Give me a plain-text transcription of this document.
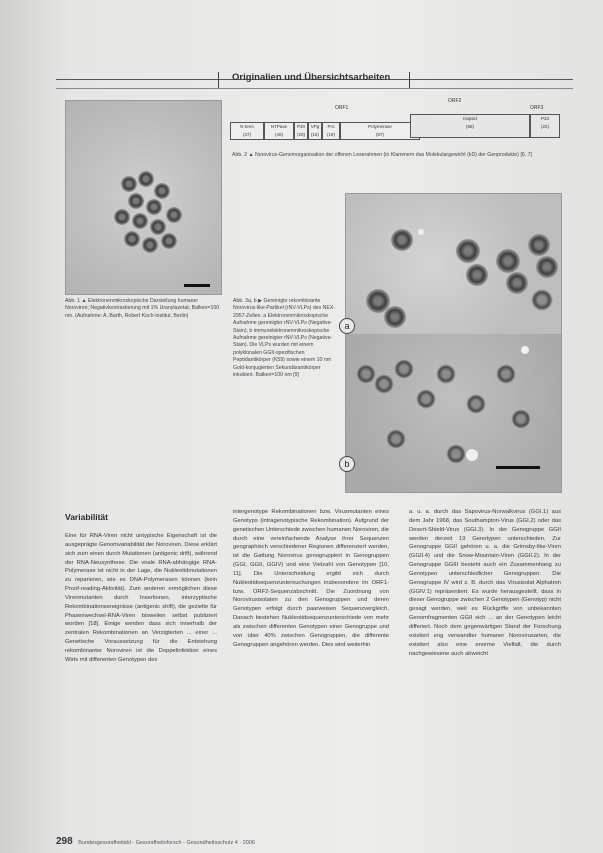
Originalien und Übersichtsarbeiten
ORF1
ORF2
ORF3
N-term
(37)
NTPase
(40)
P20
(20)
VPg
(16)
Pro
(19)
Polymerase
(57)
Kapsid
(58)
P23
(22)
Abb. 2 ▲ Norovirus-Genomorganisation der offenen Leserahmen (in Klammern das Molekulargewicht (kD) der Genprodukte) [6, 7]
Abb. 1 ▲ Elektronenmikroskopische Darstellung humaner Noroviren; Negativkontrastierung mit 1% Uranylazetat; Balken=100 nm. (Aufnahme: A. Barth, Robert Koch-Institut, Berlin)
Abb. 3a, b ▶ Gereinigte rekombinante Norovirus-like-Partikel (rNV-VLPs) des NEX-2957-Zellen. a Elektronenmikroskopische Aufnahme gereinigter rNV-VLPs (Negative-Stain), b immunelektronenmikroskopische Aufnahme gereinigter rNV-VLPs (Negative-Stain). Die VLPs wurden mit einem polyklonalen GGII-spezifischen Peptidantikörper (K59) sowie einem 10 nm Gold-konjugierten Sekundärantikörper inkubiert. Balken=100 nm [9]
a
b
Variabilität

Eine für RNA-Viren nicht untypische Eigenschaft ist die ausgeprägte Genomvariabilität der Noroviren. Diese erklärt sich zum einen durch Mutationen (antigenic drift), während der RNA-Neusynthese. Die virale RNA-abhängige RNA-Polymerase ist nicht in der Lage, die Nukleotidmutationen zu reparieren, wie es DNA-Polymerasen können (kein Proof-reading-Aktivität). Zum anderen ermöglichen diese Virenmutanten durch Insertionen, interzyptische Rekombinationsereignisse (antigenic shift), die gezielte für Phasenwechsel-RNA-Viren bisweilen selbst publiziert worden [18]. Einige werden dass sich innerhalb der zentralen Rekombinationen an Verzigterten ... einer ... Genetische Voraussetzung für die Entstehung rekombinanter Noroviren ist die Doppelinfektion eines Wirts mit differenten Genotypen des

intergenotype Rekombinationen bzw. Virusmutanten eines Genotyps (intragenotypische Rekombination). Aufgrund der genetischen Unterschiede zwischen humanen Noroviren, die durch eine vereinfachende Analyse ihrer Sequenzen geographisch verschiedener Regionen differenziert werden, ist die Gattung Norovirus genogruppiert in Genogruppen (GGI, GGII, GGIV) und eine Vielzahl von Genotypen [10, 11]. Die Unterscheidung ergibt sich durch Nukleotidsequenzuntersuchungen insbesondere im ORF1- bzw. ORF2-Sequenzabschnitt. Die Zuordnung von Norovirusisolaten zu den Genogruppen und deren Genotypen erfolgt durch paarweisen Sequenzvergleich. Danach bestehen Nukleotidsequenzunterschiede von mehr als zwischen differenten Genotypen einer Genogruppe und von über 40% zwischen Genogruppen, die differente Genogruppen angehören werden. Dies wird weiterhin

a. u. a. durch das Sapovirus-Norwalkvirus (GGI.1) aus dem Jahr 1968, das Southampton-Virus (GGI.2) oder das Desert-Shield-Virus (GGI.3). In der Genogruppe GGII werden derzeit 19 Genotypen unterschieden. Zur Genogruppe GGII gehören u. a. die Grimsby-like-Viren (GGII.4) und die Snow-Mountain-Viren (GGII.2). In der Genogruppe GGIII besteht auch ein Zusammenhang zu Genotypen unterschiedlicher Genogruppen. Die Genogruppe IV wird z. B. durch das Virusisolat Alphatron (GGIV.1) repräsentiert. Es wurde herausgestellt, dass in dieser Genogruppe zwischen 2 Genotypen (Genotyp) nicht gesagt werden, weil es Rückgriffe von unbekannten Genomfragmenten GGII sich ... an der Genotypen leicht differiert. Noch dem gegenwärtigen Stand der Forschung existiert eng verwandter humaner Norovirusarten, die existiert also eine enorme Vielfalt, die durch nachgewiesene auch abweicht

298 Bundesgesundheitsbl - Gesundheitsforsch - Gesundheitsschutz 4 · 2006
